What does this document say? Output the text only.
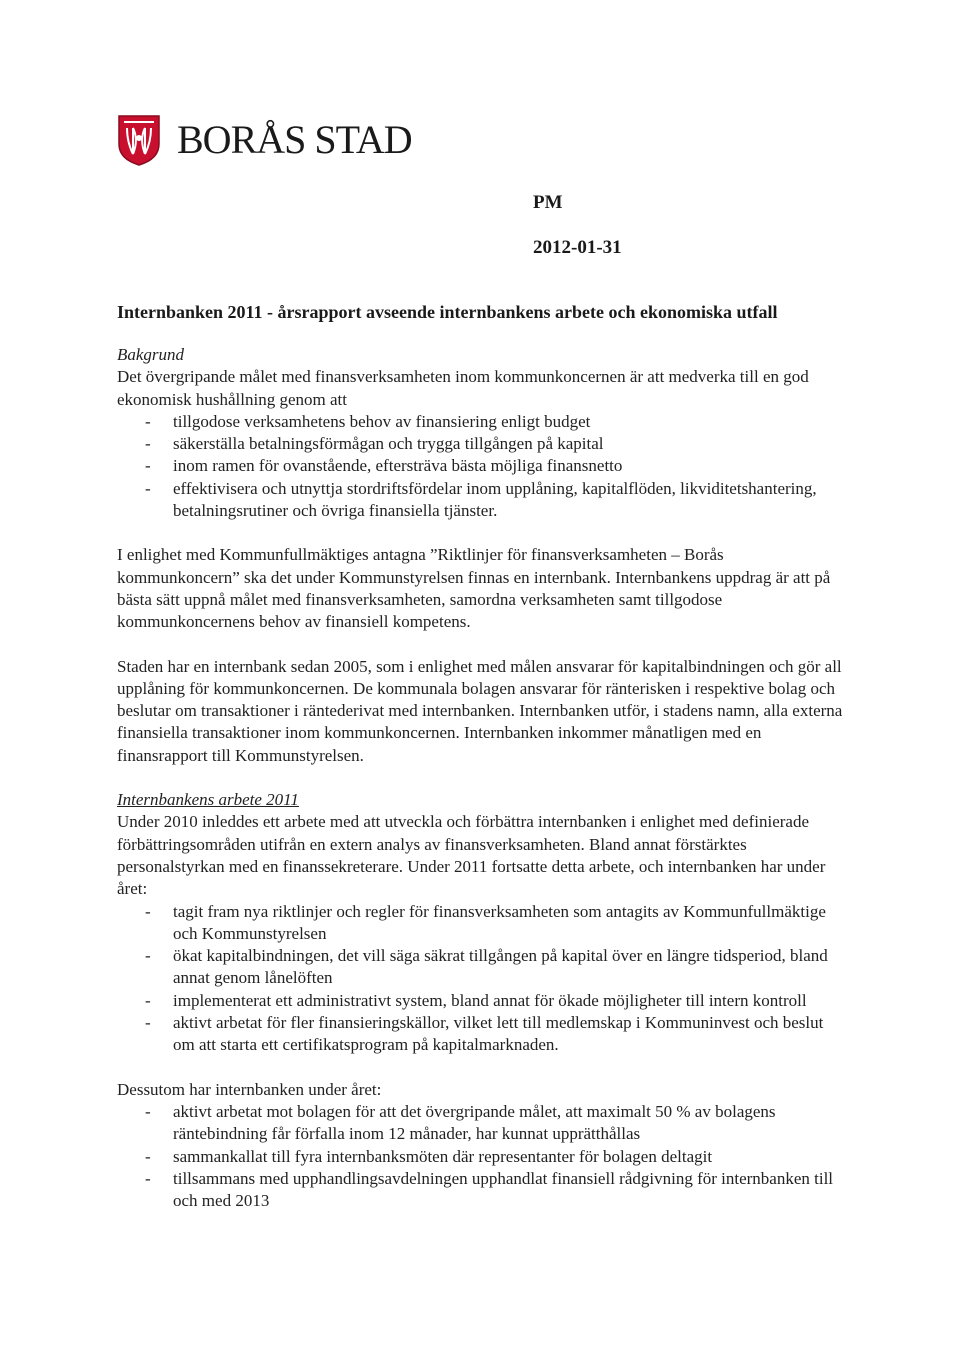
BORÅS STAD
PM
2012-01-31
Internbanken 2011 - årsrapport avseende internbankens arbete och ekonomiska utfall

Bakgrund

Det övergripande målet med finansverksamheten inom kommunkoncernen är att medverka till en god ekonomisk hushållning genom att

- tillgodose verksamhetens behov av finansiering enligt budget
- säkerställa betalningsförmågan och trygga tillgången på kapital
- inom ramen för ovanstående, eftersträva bästa möjliga finansnetto
- effektivisera och utnyttja stordriftsfördelar inom upplåning, kapitalflöden, likviditetshantering, betalningsrutiner och övriga finansiella tjänster.

I enlighet med Kommunfullmäktiges antagna ”Riktlinjer för finansverksamheten – Borås kommunkoncern” ska det under Kommunstyrelsen finnas en internbank. Internbankens uppdrag är att på bästa sätt uppnå målet med finansverksamheten, samordna verksamheten samt tillgodose kommunkoncernens behov av finansiell kompetens.

Staden har en internbank sedan 2005, som i enlighet med målen ansvarar för kapitalbindningen och gör all upplåning för kommunkoncernen. De kommunala bolagen ansvarar för ränterisken i respektive bolag och beslutar om transaktioner i räntederivat med internbanken. Internbanken utför, i stadens namn, alla externa finansiella transaktioner inom kommunkoncernen. Internbanken inkommer månatligen med en finansrapport till Kommunstyrelsen.

Internbankens arbete 2011

Under 2010 inleddes ett arbete med att utveckla och förbättra internbanken i enlighet med definierade förbättringsområden utifrån en extern analys av finansverksamheten. Bland annat förstärktes personalstyrkan med en finanssekreterare. Under 2011 fortsatte detta arbete, och internbanken har under året:

- tagit fram nya riktlinjer och regler för finansverksamheten som antagits av Kommunfullmäktige och Kommunstyrelsen
- ökat kapitalbindningen, det vill säga säkrat tillgången på kapital över en längre tidsperiod, bland annat genom lånelöften
- implementerat ett administrativt system, bland annat för ökade möjligheter till intern kontroll
- aktivt arbetat för fler finansieringskällor, vilket lett till medlemskap i Kommuninvest och beslut om att starta ett certifikatsprogram på kapitalmarknaden.

Dessutom har internbanken under året:

- aktivt arbetat mot bolagen för att det övergripande målet, att maximalt 50 % av bolagens räntebindning får förfalla inom 12 månader, har kunnat upprätthållas
- sammankallat till fyra internbanksmöten där representanter för bolagen deltagit
- tillsammans med upphandlingsavdelningen upphandlat finansiell rådgivning för internbanken till och med 2013
